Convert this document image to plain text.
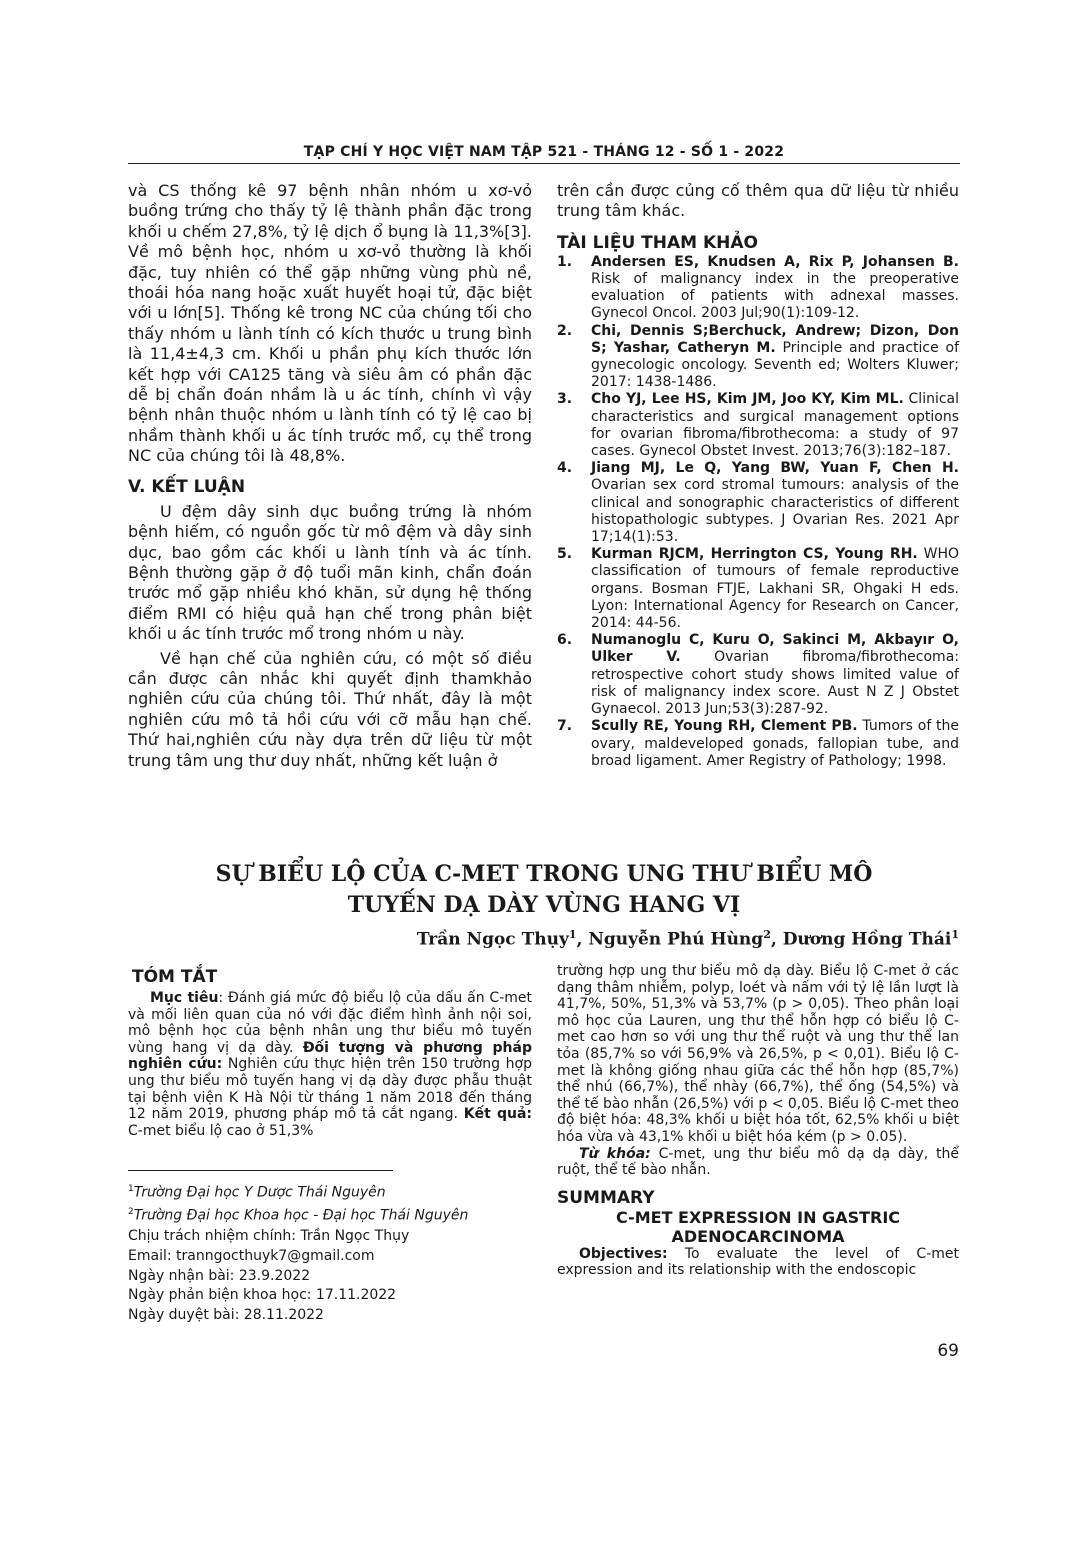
TẠP CHÍ Y HỌC VIỆT NAM TẬP 521 - THÁNG 12 - SỐ 1 - 2022

và CS thống kê 97 bệnh nhân nhóm u xơ-vỏ buồng trứng cho thấy tỷ lệ thành phần đặc trong khối u chếm 27,8%, tỷ lệ dịch ổ bụng là 11,3%[3]. Về mô bệnh học, nhóm u xơ-vỏ thường là khối đặc, tuy nhiên có thể gặp những vùng phù nề, thoái hóa nang hoặc xuất huyết hoại tử, đặc biệt với u lớn[5]. Thống kê trong NC của chúng tối cho thấy nhóm u lành tính có kích thước u trung bình là 11,4±4,3 cm. Khối u phần phụ kích thước lớn kết hợp với CA125 tăng và siêu âm có phần đặc dễ bị chẩn đoán nhầm là u ác tính, chính vì vậy bệnh nhân thuộc nhóm u lành tính có tỷ lệ cao bị nhầm thành khối u ác tính trước mổ, cụ thể trong NC của chúng tôi là 48,8%.

V. KẾT LUẬN

U đệm dây sinh dục buồng trứng là nhóm bệnh hiếm, có nguồn gốc từ mô đệm và dây sinh dục, bao gồm các khối u lành tính và ác tính. Bệnh thường gặp ở độ tuổi mãn kinh, chẩn đoán trước mổ gặp nhiều khó khăn, sử dụng hệ thống điểm RMI có hiệu quả hạn chế trong phân biệt khối u ác tính trước mổ trong nhóm u này.

Về hạn chế của nghiên cứu, có một số điều cần được cân nhắc khi quyết định thamkhảo nghiên cứu của chúng tôi. Thứ nhất, đây là một nghiên cứu mô tả hồi cứu với cỡ mẫu hạn chế. Thứ hai,nghiên cứu này dựa trên dữ liệu từ một trung tâm ung thư duy nhất, những kết luận ở

trên cần được củng cố thêm qua dữ liệu từ nhiều trung tâm khác.

TÀI LIỆU THAM KHẢO

1. Andersen ES, Knudsen A, Rix P, Johansen B. Risk of malignancy index in the preoperative evaluation of patients with adnexal masses. Gynecol Oncol. 2003 Jul;90(1):109-12.
2. Chi, Dennis S;Berchuck, Andrew; Dizon, Don S; Yashar, Catheryn M. Principle and practice of gynecologic oncology. Seventh ed; Wolters Kluwer; 2017: 1438-1486.
3. Cho YJ, Lee HS, Kim JM, Joo KY, Kim ML. Clinical characteristics and surgical management options for ovarian fibroma/fibrothecoma: a study of 97 cases. Gynecol Obstet Invest. 2013;76(3):182–187.
4. Jiang MJ, Le Q, Yang BW, Yuan F, Chen H. Ovarian sex cord stromal tumours: analysis of the clinical and sonographic characteristics of different histopathologic subtypes. J Ovarian Res. 2021 Apr 17;14(1):53.
5. Kurman RJCM, Herrington CS, Young RH. WHO classification of tumours of female reproductive organs. Bosman FTJE, Lakhani SR, Ohgaki H eds. Lyon: International Agency for Research on Cancer, 2014: 44-56.
6. Numanoglu C, Kuru O, Sakinci M, Akbayır O, Ulker V. Ovarian fibroma/fibrothecoma: retrospective cohort study shows limited value of risk of malignancy index score. Aust N Z J Obstet Gynaecol. 2013 Jun;53(3):287-92.
7. Scully RE, Young RH, Clement PB. Tumors of the ovary, maldeveloped gonads, fallopian tube, and broad ligament. Amer Registry of Pathology; 1998.
SỰ BIỂU LỘ CỦA C-MET TRONG UNG THƯ BIỂU MÔ
TUYẾN DẠ DÀY VÙNG HANG VỊ
Trần Ngọc Thụy$^1$, Nguyễn Phú Hùng$^2$, Dương Hồng Thái$^1$

TÓM TẮT

Mục tiêu: Đánh giá mức độ biểu lộ của dấu ấn C-met và mối liên quan của nó với đặc điểm hình ảnh nội soi, mô bệnh học của bệnh nhân ung thư biểu mô tuyến vùng hang vị dạ dày. Đối tượng và phương pháp nghiên cứu: Nghiên cứu thực hiện trên 150 trường hợp ung thư biểu mô tuyến hang vị dạ dày được phẫu thuật tại bệnh viện K Hà Nội từ tháng 1 năm 2018 đến tháng 12 năm 2019, phương pháp mô tả cắt ngang. Kết quả: C-met biểu lộ cao ở 51,3%

$^1$Trường Đại học Y Dược Thái Nguyên
$^2$Trường Đại học Khoa học - Đại học Thái Nguyên
Chịu trách nhiệm chính: Trần Ngọc Thụy
Email: tranngocthuyk7@gmail.com
Ngày nhận bài: 23.9.2022
Ngày phản biện khoa học: 17.11.2022
Ngày duyệt bài: 28.11.2022

trường hợp ung thư biểu mô dạ dày. Biểu lộ C-met ở các dạng thâm nhiễm, polyp, loét và nấm với tỷ lệ lần lượt là 41,7%, 50%, 51,3% và 53,7% (p > 0,05). Theo phân loại mô học của Lauren, ung thư thể hỗn hợp có biểu lộ C-met cao hơn so với ung thư thể ruột và ung thư thể lan tỏa (85,7% so với 56,9% và 26,5%, p < 0,01). Biểu lộ C-met là không giống nhau giữa các thể hỗn hợp (85,7%) thể nhú (66,7%), thể nhày (66,7%), thể ống (54,5%) và thể tế bào nhẫn (26,5%) với p < 0,05. Biểu lộ C-met theo độ biệt hóa: 48,3% khối u biệt hóa tốt, 62,5% khối u biệt hóa vừa và 43,1% khối u biệt hóa kém (p > 0.05).

Từ khóa: C-met, ung thư biểu mô dạ dạ dày, thể ruột, thể tế bào nhẫn.

SUMMARY

C-MET EXPRESSION IN GASTRIC
ADENOCARCINOMA

Objectives: To evaluate the level of C-met expression and its relationship with the endoscopic

69
